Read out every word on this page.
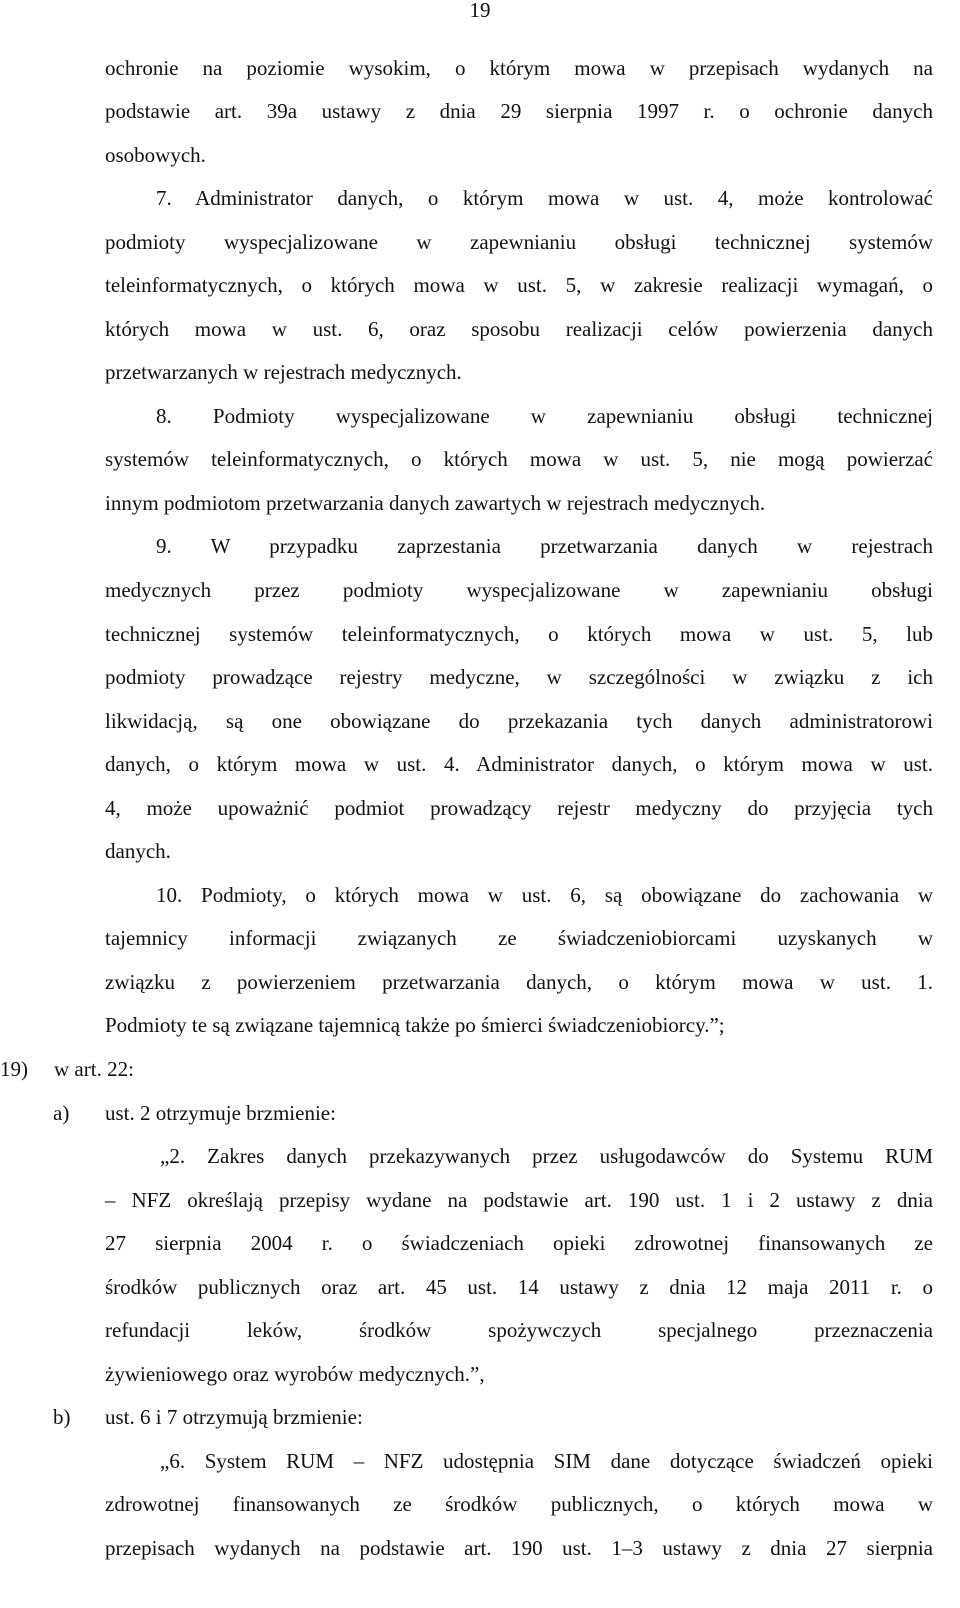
19
ochronie na poziomie wysokim, o którym mowa w przepisach wydanych na
podstawie art. 39a ustawy z dnia 29 sierpnia 1997 r. o ochronie danych
osobowych.
7. Administrator danych, o którym mowa w ust. 4, może kontrolować
podmioty wyspecjalizowane w zapewnianiu obsługi technicznej systemów
teleinformatycznych, o których mowa w ust. 5, w zakresie realizacji wymagań, o
których mowa w ust. 6, oraz sposobu realizacji celów powierzenia danych
przetwarzanych w rejestrach medycznych.
8. Podmioty wyspecjalizowane w zapewnianiu obsługi technicznej
systemów teleinformatycznych, o których mowa w ust. 5, nie mogą powierzać
innym podmiotom przetwarzania danych zawartych w rejestrach medycznych.
9. W przypadku zaprzestania przetwarzania danych w rejestrach
medycznych przez podmioty wyspecjalizowane w zapewnianiu obsługi
technicznej systemów teleinformatycznych, o których mowa w ust. 5, lub
podmioty prowadzące rejestry medyczne, w szczególności w związku z ich
likwidacją, są one obowiązane do przekazania tych danych administratorowi
danych, o którym mowa w ust. 4. Administrator danych, o którym mowa w ust.
4, może upoważnić podmiot prowadzący rejestr medyczny do przyjęcia tych
danych.
10. Podmioty, o których mowa w ust. 6, są obowiązane do zachowania w
tajemnicy informacji związanych ze świadczeniobiorcami uzyskanych w
związku z powierzeniem przetwarzania danych, o którym mowa w ust. 1.
Podmioty te są związane tajemnicą także po śmierci świadczeniobiorcy.”;
19) w art. 22:
a) ust. 2 otrzymuje brzmienie:
„2. Zakres danych przekazywanych przez usługodawców do Systemu RUM
– NFZ określają przepisy wydane na podstawie art. 190 ust. 1 i 2 ustawy z dnia
27 sierpnia 2004 r. o świadczeniach opieki zdrowotnej finansowanych ze
środków publicznych oraz art. 45 ust. 14 ustawy z dnia 12 maja 2011 r. o
refundacji leków, środków spożywczych specjalnego przeznaczenia
żywieniowego oraz wyrobów medycznych.”,
b) ust. 6 i 7 otrzymują brzmienie:
„6. System RUM – NFZ udostępnia SIM dane dotyczące świadczeń opieki
zdrowotnej finansowanych ze środków publicznych, o których mowa w
przepisach wydanych na podstawie art. 190 ust. 1–3 ustawy z dnia 27 sierpnia
